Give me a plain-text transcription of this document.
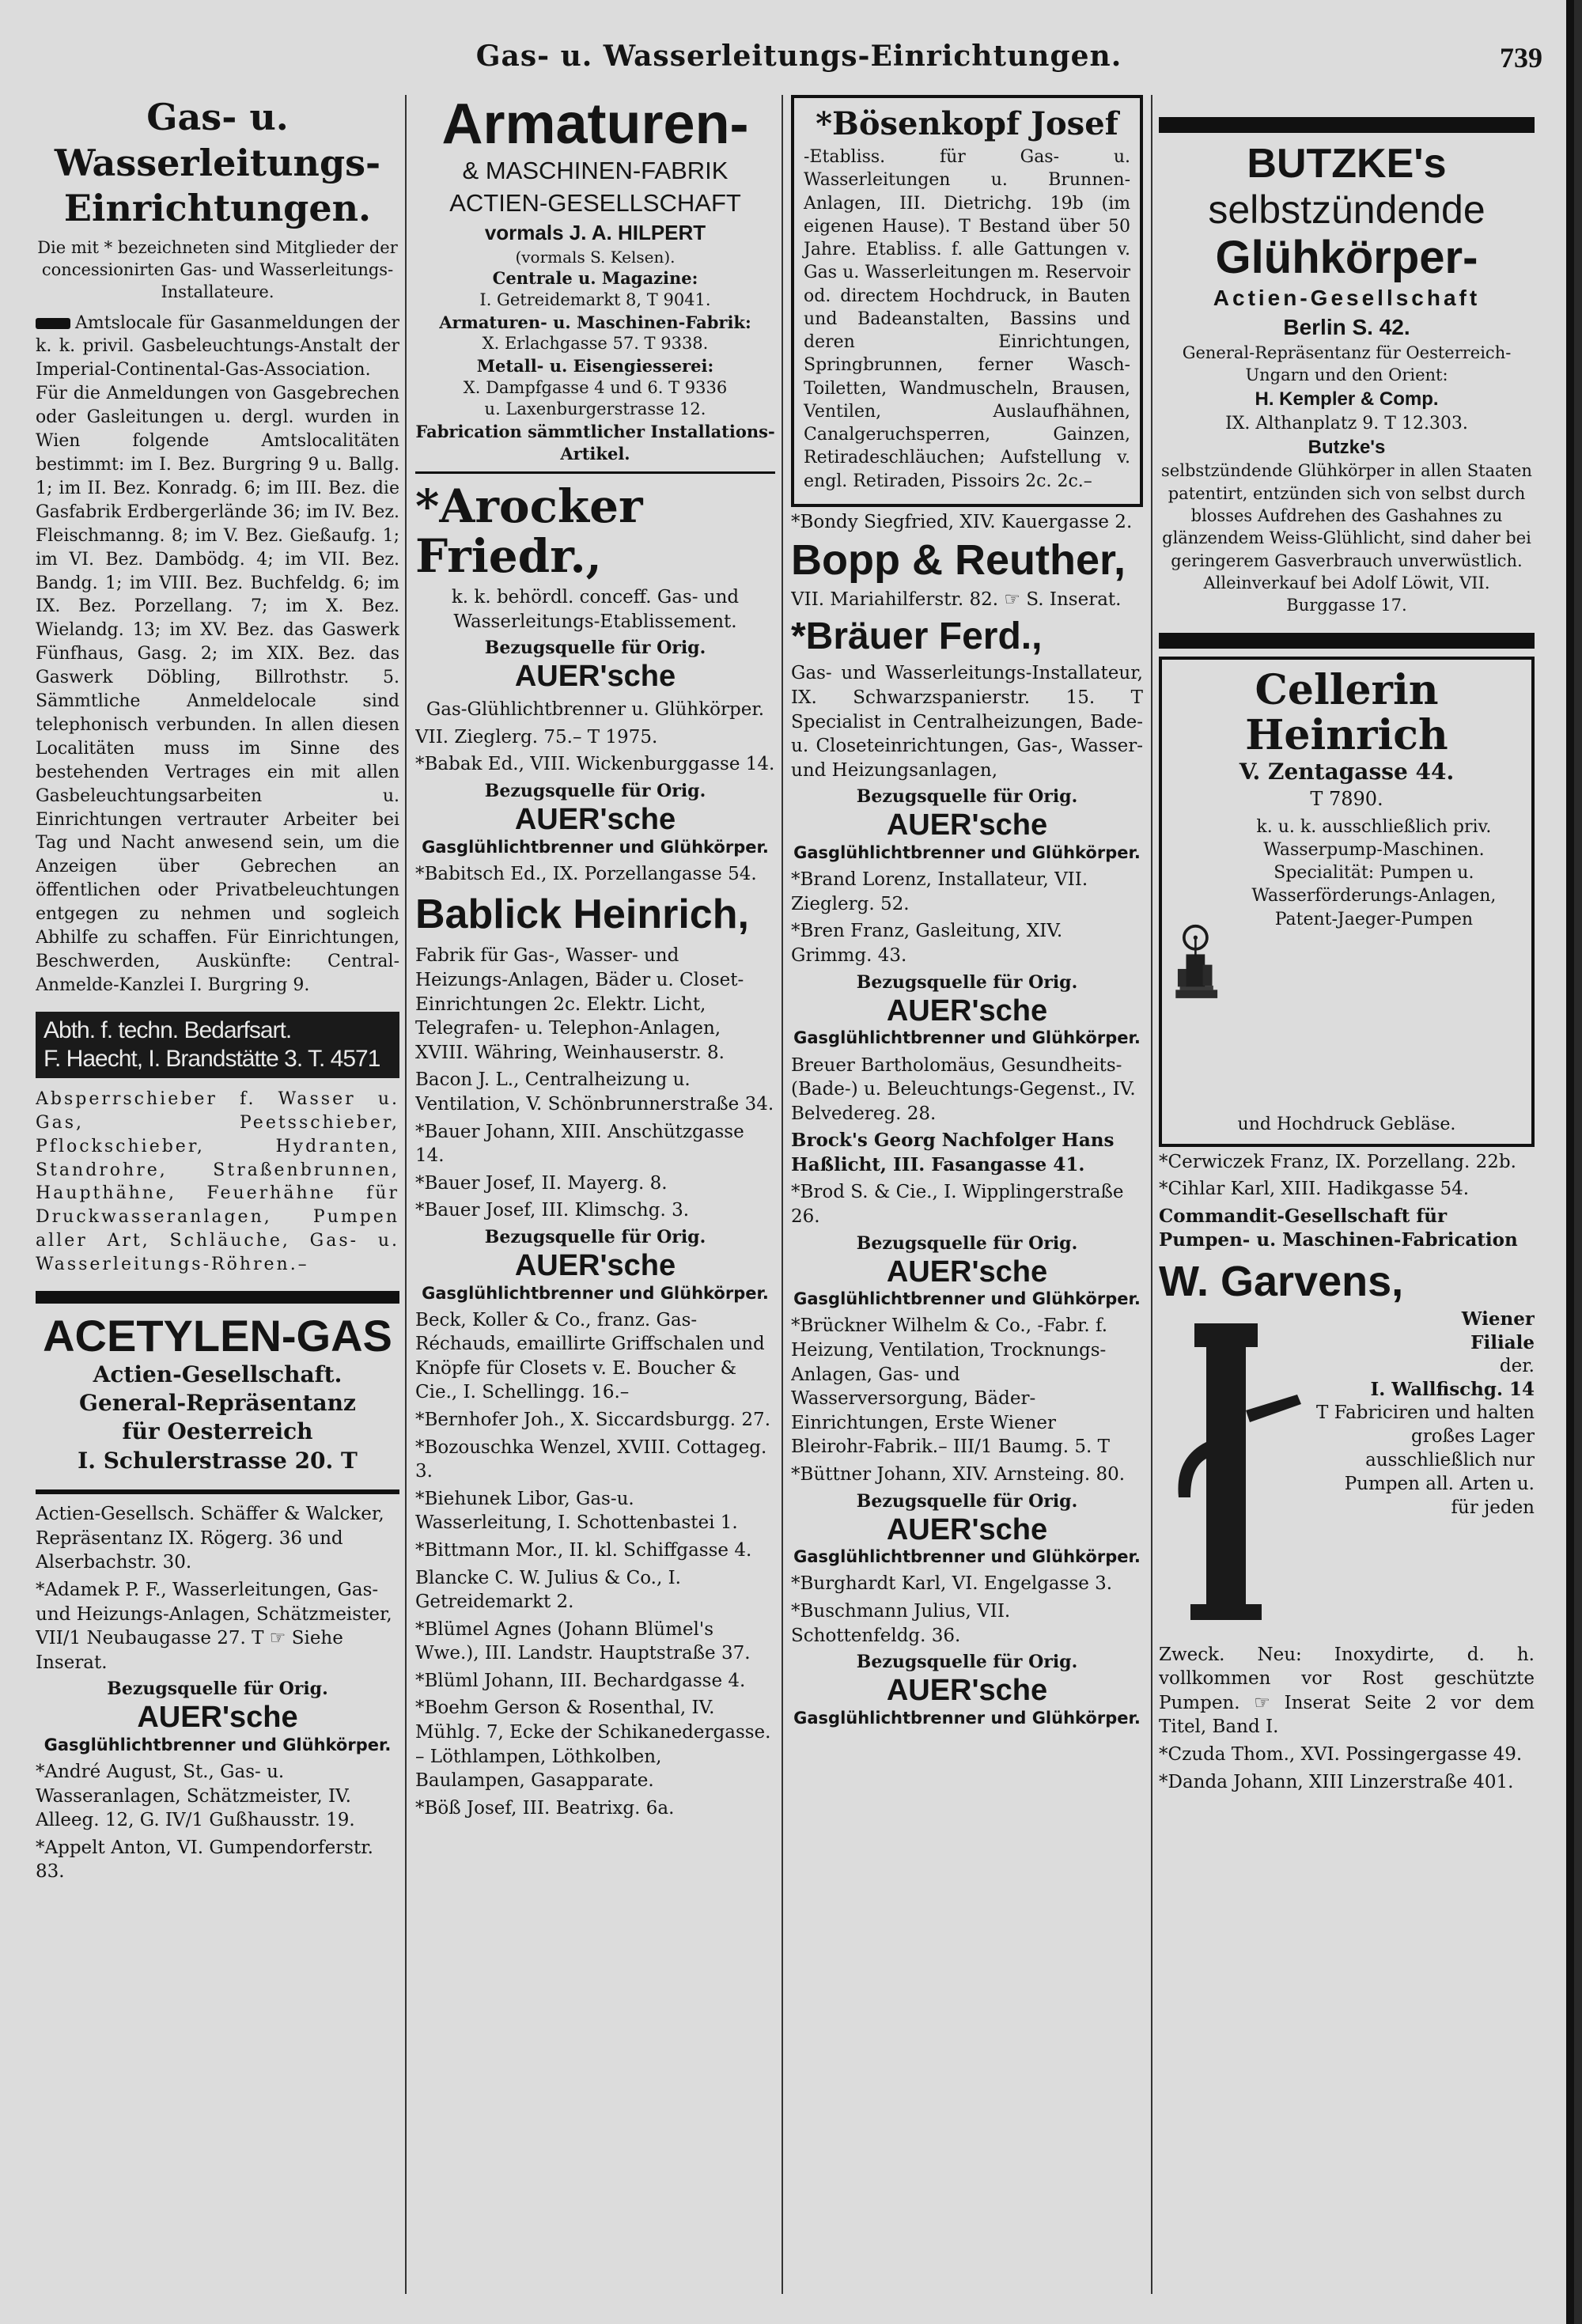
Gas- u. Wasserleitungs-Einrichtungen.	739
Gas- u. Wasserleitungs-
Einrichtungen.
Die mit * bezeichneten sind Mitglieder der concessionirten Gas- und Wasserleitungs-Installateure.
Amtslocale für Gasanmeldungen der k. k. privil. Gasbeleuchtungs-Anstalt der Imperial-Continental-Gas-Association. Für die Anmeldungen von Gasgebrechen oder Gasleitungen u. dergl. wurden in Wien folgende Amtslocalitäten bestimmt: im I. Bez. Burgring 9 u. Ballg. 1; im II. Bez. Konradg. 6; im III. Bez. die Gasfabrik Erdbergerlände 36; im IV. Bez. Fleischmanng. 8; im V. Bez. Gießaufg. 1; im VI. Bez. Dambödg. 4; im VII. Bez. Bandg. 1; im VIII. Bez. Buchfeldg. 6; im IX. Bez. Porzellang. 7; im X. Bez. Wielandg. 13; im XV. Bez. das Gaswerk Fünfhaus, Gasg. 2; im XIX. Bez. das Gaswerk Döbling, Billrothstr. 5. Sämmtliche Anmeldelocale sind telephonisch verbunden. In allen diesen Localitäten muss im Sinne des bestehenden Vertrages ein mit allen Gasbeleuchtungsarbeiten u. Einrichtungen vertrauter Arbeiter bei Tag und Nacht anwesend sein, um die Anzeigen über Gebrechen an öffentlichen oder Privatbeleuchtungen entgegen zu nehmen und sogleich Abhilfe zu schaffen. Für Einrichtungen, Beschwerden, Auskünfte: Central-Anmelde-Kanzlei I. Burgring 9.
Abth. f. techn. Bedarfsart.
F. Haecht, I. Brandstätte 3. T. 4571
Absperrschieber f. Wasser u. Gas, Peetsschieber, Pflockschieber, Hydranten, Standrohre, Straßenbrunnen, Haupthähne, Feuerhähne für Druckwasseranlagen, Pumpen aller Art, Schläuche, Gas- u. Wasserleitungs-Röhren.–
ACETYLEN-GAS
Actien-Gesellschaft.
General-Repräsentanz
für Oesterreich
I. Schulerstrasse 20. T
Actien-Gesellsch. Schäffer & Walcker, Repräsentanz IX. Rögerg. 36 und Alserbachstr. 30.
*Adamek P. F., Wasserleitungen, Gas- und Heizungs-Anlagen, Schätzmeister, VII/1 Neubaugasse 27. T ☞ Siehe Inserat.
Bezugsquelle für Orig.
AUER'sche
Gasglühlichtbrenner und Glühkörper.
*André August, St., Gas- u. Wasseranlagen, Schätzmeister, IV. Alleeg. 12, G. IV/1 Gußhausstr. 19.
*Appelt Anton, VI. Gumpendorferstr. 83.
Armaturen-
& MASCHINEN-FABRIK
ACTIEN-GESELLSCHAFT
vormals J. A. HILPERT
(vormals S. Kelsen).
Centrale u. Magazine:
I. Getreidemarkt 8, T 9041.
Armaturen- u. Maschinen-Fabrik:
X. Erlachgasse 57. T 9338.
Metall- u. Eisengiesserei:
X. Dampfgasse 4 und 6. T 9336
u. Laxenburgerstrasse 12.
Fabrication sämmtlicher Installations-Artikel.
*Arocker Friedr.,
k. k. behördl. conceff. Gas- und Wasserleitungs-Etablissement.
Bezugsquelle für Orig.
AUER'sche
Gas-Glühlichtbrenner u. Glühkörper.
VII. Zieglerg. 75.– T 1975.
*Babak Ed., VIII. Wickenburggasse 14.
Bezugsquelle für Orig.
AUER'sche
Gasglühlichtbrenner und Glühkörper.
*Babitsch Ed., IX. Porzellangasse 54.
Bablick Heinrich,
Fabrik für Gas-, Wasser- und Heizungs-Anlagen, Bäder u. Closet-Einrichtungen 2c. Elektr. Licht, Telegrafen- u. Telephon-Anlagen, XVIII. Währing, Weinhauserstr. 8.
Bacon J. L., Centralheizung u. Ventilation, V. Schönbrunnerstraße 34.
*Bauer Johann, XIII. Anschützgasse 14.
*Bauer Josef, II. Mayerg. 8.
*Bauer Josef, III. Klimschg. 3.
Bezugsquelle für Orig.
AUER'sche
Gasglühlichtbrenner und Glühkörper.
Beck, Koller & Co., franz. Gas-Réchauds, emaillirte Griffschalen und Knöpfe für Closets v. E. Boucher & Cie., I. Schellingg. 16.–
*Bernhofer Joh., X. Siccardsburgg. 27.
*Bozouschka Wenzel, XVIII. Cottageg. 3.
*Biehunek Libor, Gas-u. Wasserleitung, I. Schottenbastei 1.
*Bittmann Mor., II. kl. Schiffgasse 4.
Blancke C. W. Julius & Co., I. Getreidemarkt 2.
*Blümel Agnes (Johann Blümel's Wwe.), III. Landstr. Hauptstraße 37.
*Blüml Johann, III. Bechardgasse 4.
*Boehm Gerson & Rosenthal, IV. Mühlg. 7, Ecke der Schikanedergasse. – Löthlampen, Löthkolben, Baulampen, Gasapparate.
*Böß Josef, III. Beatrixg. 6a.
*Bösenkopf Josef
-Etabliss. für Gas- u. Wasserleitungen u. Brunnen-Anlagen, III. Dietrichg. 19b (im eigenen Hause). T Bestand über 50 Jahre. Etabliss. f. alle Gattungen v. Gas u. Wasserleitungen m. Reservoir od. directem Hochdruck, in Bauten und Badeanstalten, Bassins und deren Einrichtungen, Springbrunnen, ferner Wasch-Toiletten, Wandmuscheln, Brausen, Ventilen, Auslaufhähnen, Canalgeruchsperren, Gainzen, Retiradeschläuchen; Aufstellung v. engl. Retiraden, Pissoirs 2c. 2c.–
*Bondy Siegfried, XIV. Kauergasse 2.
Bopp & Reuther,
VII. Mariahilferstr. 82. ☞ S. Inserat.
*Bräuer Ferd.,
Gas- und Wasserleitungs-Installateur, IX. Schwarzspanierstr. 15. T Specialist in Centralheizungen, Bade- u. Closeteinrichtungen, Gas-, Wasser- und Heizungsanlagen,
Bezugsquelle für Orig.
AUER'sche
Gasglühlichtbrenner und Glühkörper.
*Brand Lorenz, Installateur, VII. Zieglerg. 52.
*Bren Franz, Gasleitung, XIV. Grimmg. 43.
Bezugsquelle für Orig.
AUER'sche
Gasglühlichtbrenner und Glühkörper.
Breuer Bartholomäus, Gesundheits- (Bade-) u. Beleuchtungs-Gegenst., IV. Belvedereg. 28.
Brock's Georg Nachfolger Hans Haßlicht, III. Fasangasse 41.
*Brod S. & Cie., I. Wipplingerstraße 26.
Bezugsquelle für Orig.
AUER'sche
Gasglühlichtbrenner und Glühkörper.
*Brückner Wilhelm & Co., -Fabr. f. Heizung, Ventilation, Trocknungs-Anlagen, Gas- und Wasserversorgung, Bäder-Einrichtungen, Erste Wiener Bleirohr-Fabrik.– III/1 Baumg. 5. T
*Büttner Johann, XIV. Arnsteing. 80.
Bezugsquelle für Orig.
AUER'sche
Gasglühlichtbrenner und Glühkörper.
*Burghardt Karl, VI. Engelgasse 3.
*Buschmann Julius, VII. Schottenfeldg. 36.
Bezugsquelle für Orig.
AUER'sche
Gasglühlichtbrenner und Glühkörper.
BUTZKE's
selbstzündende
Glühkörper-
Actien-Gesellschaft
Berlin S. 42.
General-Repräsentanz für Oesterreich-Ungarn und den Orient:
H. Kempler & Comp.
IX. Althanplatz 9. T 12.303.
Butzke's
selbstzündende Glühkörper in allen Staaten patentirt, entzünden sich von selbst durch blosses Aufdrehen des Gashahnes zu glänzendem Weiss-Glühlicht, sind daher bei geringerem Gasverbrauch unverwüstlich. Alleinverkauf bei Adolf Löwit, VII. Burggasse 17.
Cellerin Heinrich
V. Zentagasse 44.
T 7890.
k. u. k. ausschließlich priv. Wasserpump-Maschinen. Specialität: Pumpen u. Wasserförderungs-Anlagen, Patent-Jaeger-Pumpen
und Hochdruck Gebläse.
*Cerwiczek Franz, IX. Porzellang. 22b.
*Cihlar Karl, XIII. Hadikgasse 54.
Commandit-Gesellschaft für Pumpen- u. Maschinen-Fabrication
W. Garvens,
Wiener
Filiale
der.
I. Wallfischg. 14
T Fabriciren und halten großes Lager ausschließlich nur Pumpen all. Arten u. für jeden
Zweck. Neu: Inoxydirte, d. h. vollkommen vor Rost geschützte Pumpen. ☞ Inserat Seite 2 vor dem Titel, Band I.
*Czuda Thom., XVI. Possingergasse 49.
*Danda Johann, XIII Linzerstraße 401.
